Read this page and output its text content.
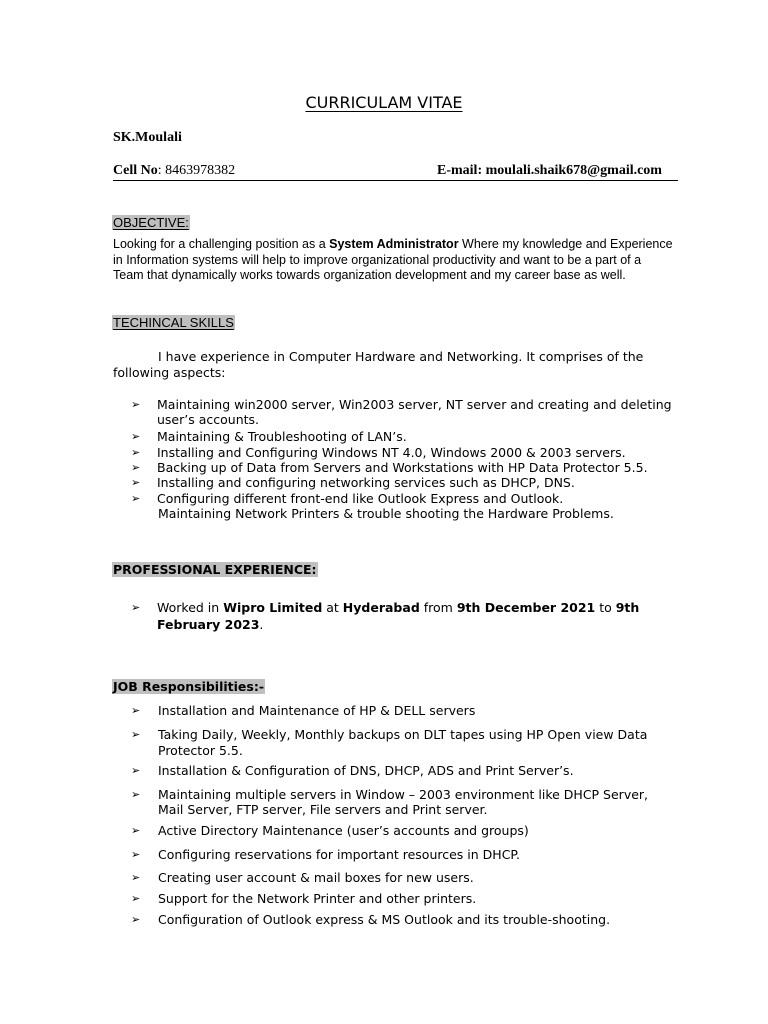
CURRICULAM VITAE
SK.Moulali
Cell No: 8463978382	E-mail: moulali.shaik678@gmail.com
OBJECTIVE:
Looking for a challenging position as a System Administrator Where my knowledge and Experience in Information systems will help to improve organizational productivity and want to be a part of a Team that dynamically works towards organization development and my career base as well.
TECHINCAL SKILLS
I have experience in Computer Hardware and Networking. It comprises of the following aspects:
➢ Maintaining win2000 server, Win2003 server, NT server and creating and deleting
user’s accounts.
➢ Maintaining & Troubleshooting of LAN’s.
➢ Installing and Configuring Windows NT 4.0, Windows 2000 & 2003 servers.
➢ Backing up of Data from Servers and Workstations with HP Data Protector 5.5.
➢ Installing and configuring networking services such as DHCP, DNS.
➢ Configuring different front-end like Outlook Express and Outlook.
Maintaining Network Printers & trouble shooting the Hardware Problems.
PROFESSIONAL EXPERIENCE:
➢ Worked in Wipro Limited at Hyderabad from 9th December 2021 to 9th
February 2023.
JOB Responsibilities:-
➢ Installation and Maintenance of HP & DELL servers
➢ Taking Daily, Weekly, Monthly backups on DLT tapes using HP Open view Data
Protector 5.5.
➢ Installation & Configuration of DNS, DHCP, ADS and Print Server’s.
➢ Maintaining multiple servers in Window – 2003 environment like DHCP Server,
Mail Server, FTP server, File servers and Print server.
➢ Active Directory Maintenance (user’s accounts and groups)
➢ Configuring reservations for important resources in DHCP.
➢ Creating user account & mail boxes for new users.
➢ Support for the Network Printer and other printers.
➢ Configuration of Outlook express & MS Outlook and its trouble-shooting.
